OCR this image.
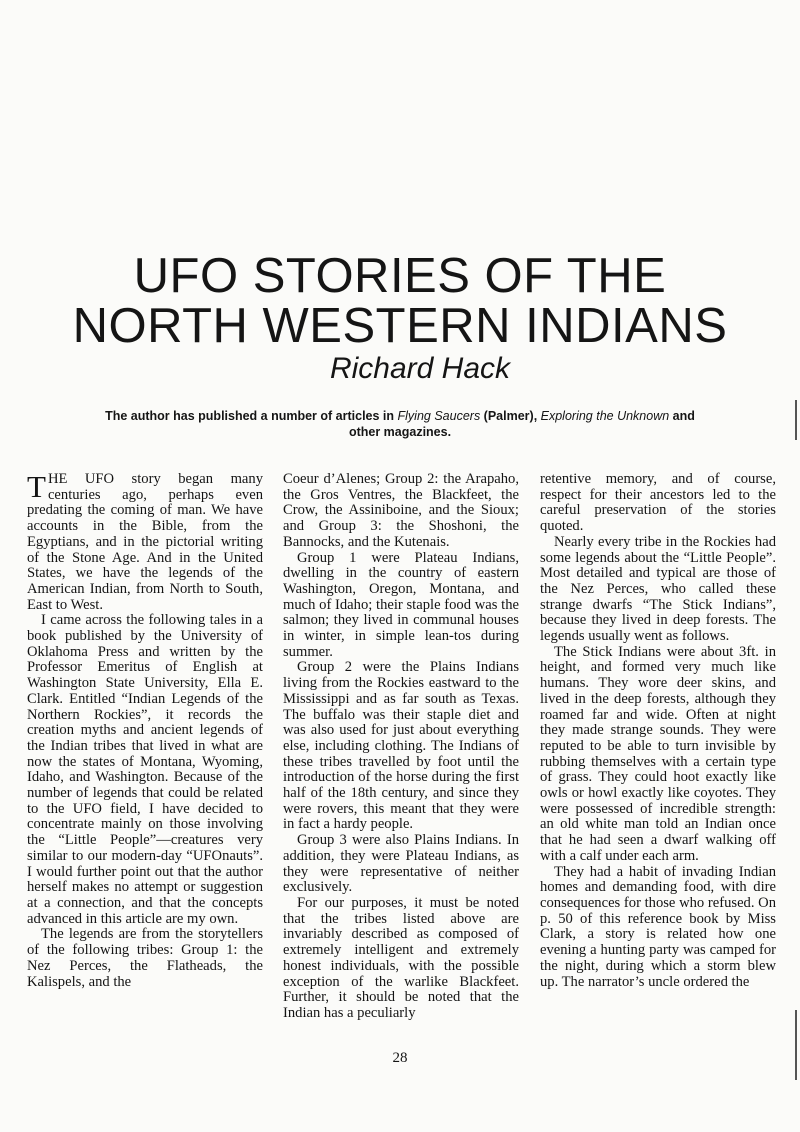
UFO STORIES OF THE
NORTH WESTERN INDIANS
Richard Hack
The author has published a number of articles in Flying Saucers (Palmer), Exploring the Unknown and other magazines.

THE UFO story began many centuries ago, perhaps even predating the coming of man. We have accounts in the Bible, from the Egyptians, and in the pictorial writing of the Stone Age. And in the United States, we have the legends of the American Indian, from North to South, East to West.

I came across the following tales in a book published by the University of Oklahoma Press and written by the Professor Emeritus of English at Washington State University, Ella E. Clark. Entitled “Indian Legends of the Northern Rockies”, it records the creation myths and ancient legends of the Indian tribes that lived in what are now the states of Montana, Wyoming, Idaho, and Washington. Because of the number of legends that could be related to the UFO field, I have decided to concentrate mainly on those involving the “Little People”—creatures very similar to our modern-day “UFOnauts”. I would further point out that the author herself makes no attempt or suggestion at a connection, and that the concepts advanced in this article are my own.

The legends are from the storytellers of the following tribes: Group 1: the Nez Perces, the Flatheads, the Kalispels, and the

Coeur d’Alenes; Group 2: the Arapaho, the Gros Ventres, the Blackfeet, the Crow, the Assiniboine, and the Sioux; and Group 3: the Shoshoni, the Bannocks, and the Kutenais.

Group 1 were Plateau Indians, dwelling in the country of eastern Washington, Oregon, Montana, and much of Idaho; their staple food was the salmon; they lived in communal houses in winter, in simple lean-tos during summer.

Group 2 were the Plains Indians living from the Rockies eastward to the Mississippi and as far south as Texas. The buffalo was their staple diet and was also used for just about everything else, including clothing. The Indians of these tribes travelled by foot until the introduction of the horse during the first half of the 18th century, and since they were rovers, this meant that they were in fact a hardy people.

Group 3 were also Plains Indians. In addition, they were Plateau Indians, as they were representative of neither exclusively.

For our purposes, it must be noted that the tribes listed above are invariably described as composed of extremely intelligent and extremely honest individuals, with the possible exception of the warlike Blackfeet. Further, it should be noted that the Indian has a peculiarly

retentive memory, and of course, respect for their ancestors led to the careful preservation of the stories quoted.

Nearly every tribe in the Rockies had some legends about the “Little People”. Most detailed and typical are those of the Nez Perces, who called these strange dwarfs “The Stick Indians”, because they lived in deep forests. The legends usually went as follows.

The Stick Indians were about 3ft. in height, and formed very much like humans. They wore deer skins, and lived in the deep forests, although they roamed far and wide. Often at night they made strange sounds. They were reputed to be able to turn invisible by rubbing themselves with a certain type of grass. They could hoot exactly like owls or howl exactly like coyotes. They were possessed of incredible strength: an old white man told an Indian once that he had seen a dwarf walking off with a calf under each arm.

They had a habit of invading Indian homes and demanding food, with dire consequences for those who refused. On p. 50 of this reference book by Miss Clark, a story is related how one evening a hunting party was camped for the night, during which a storm blew up. The narrator’s uncle ordered the

28
